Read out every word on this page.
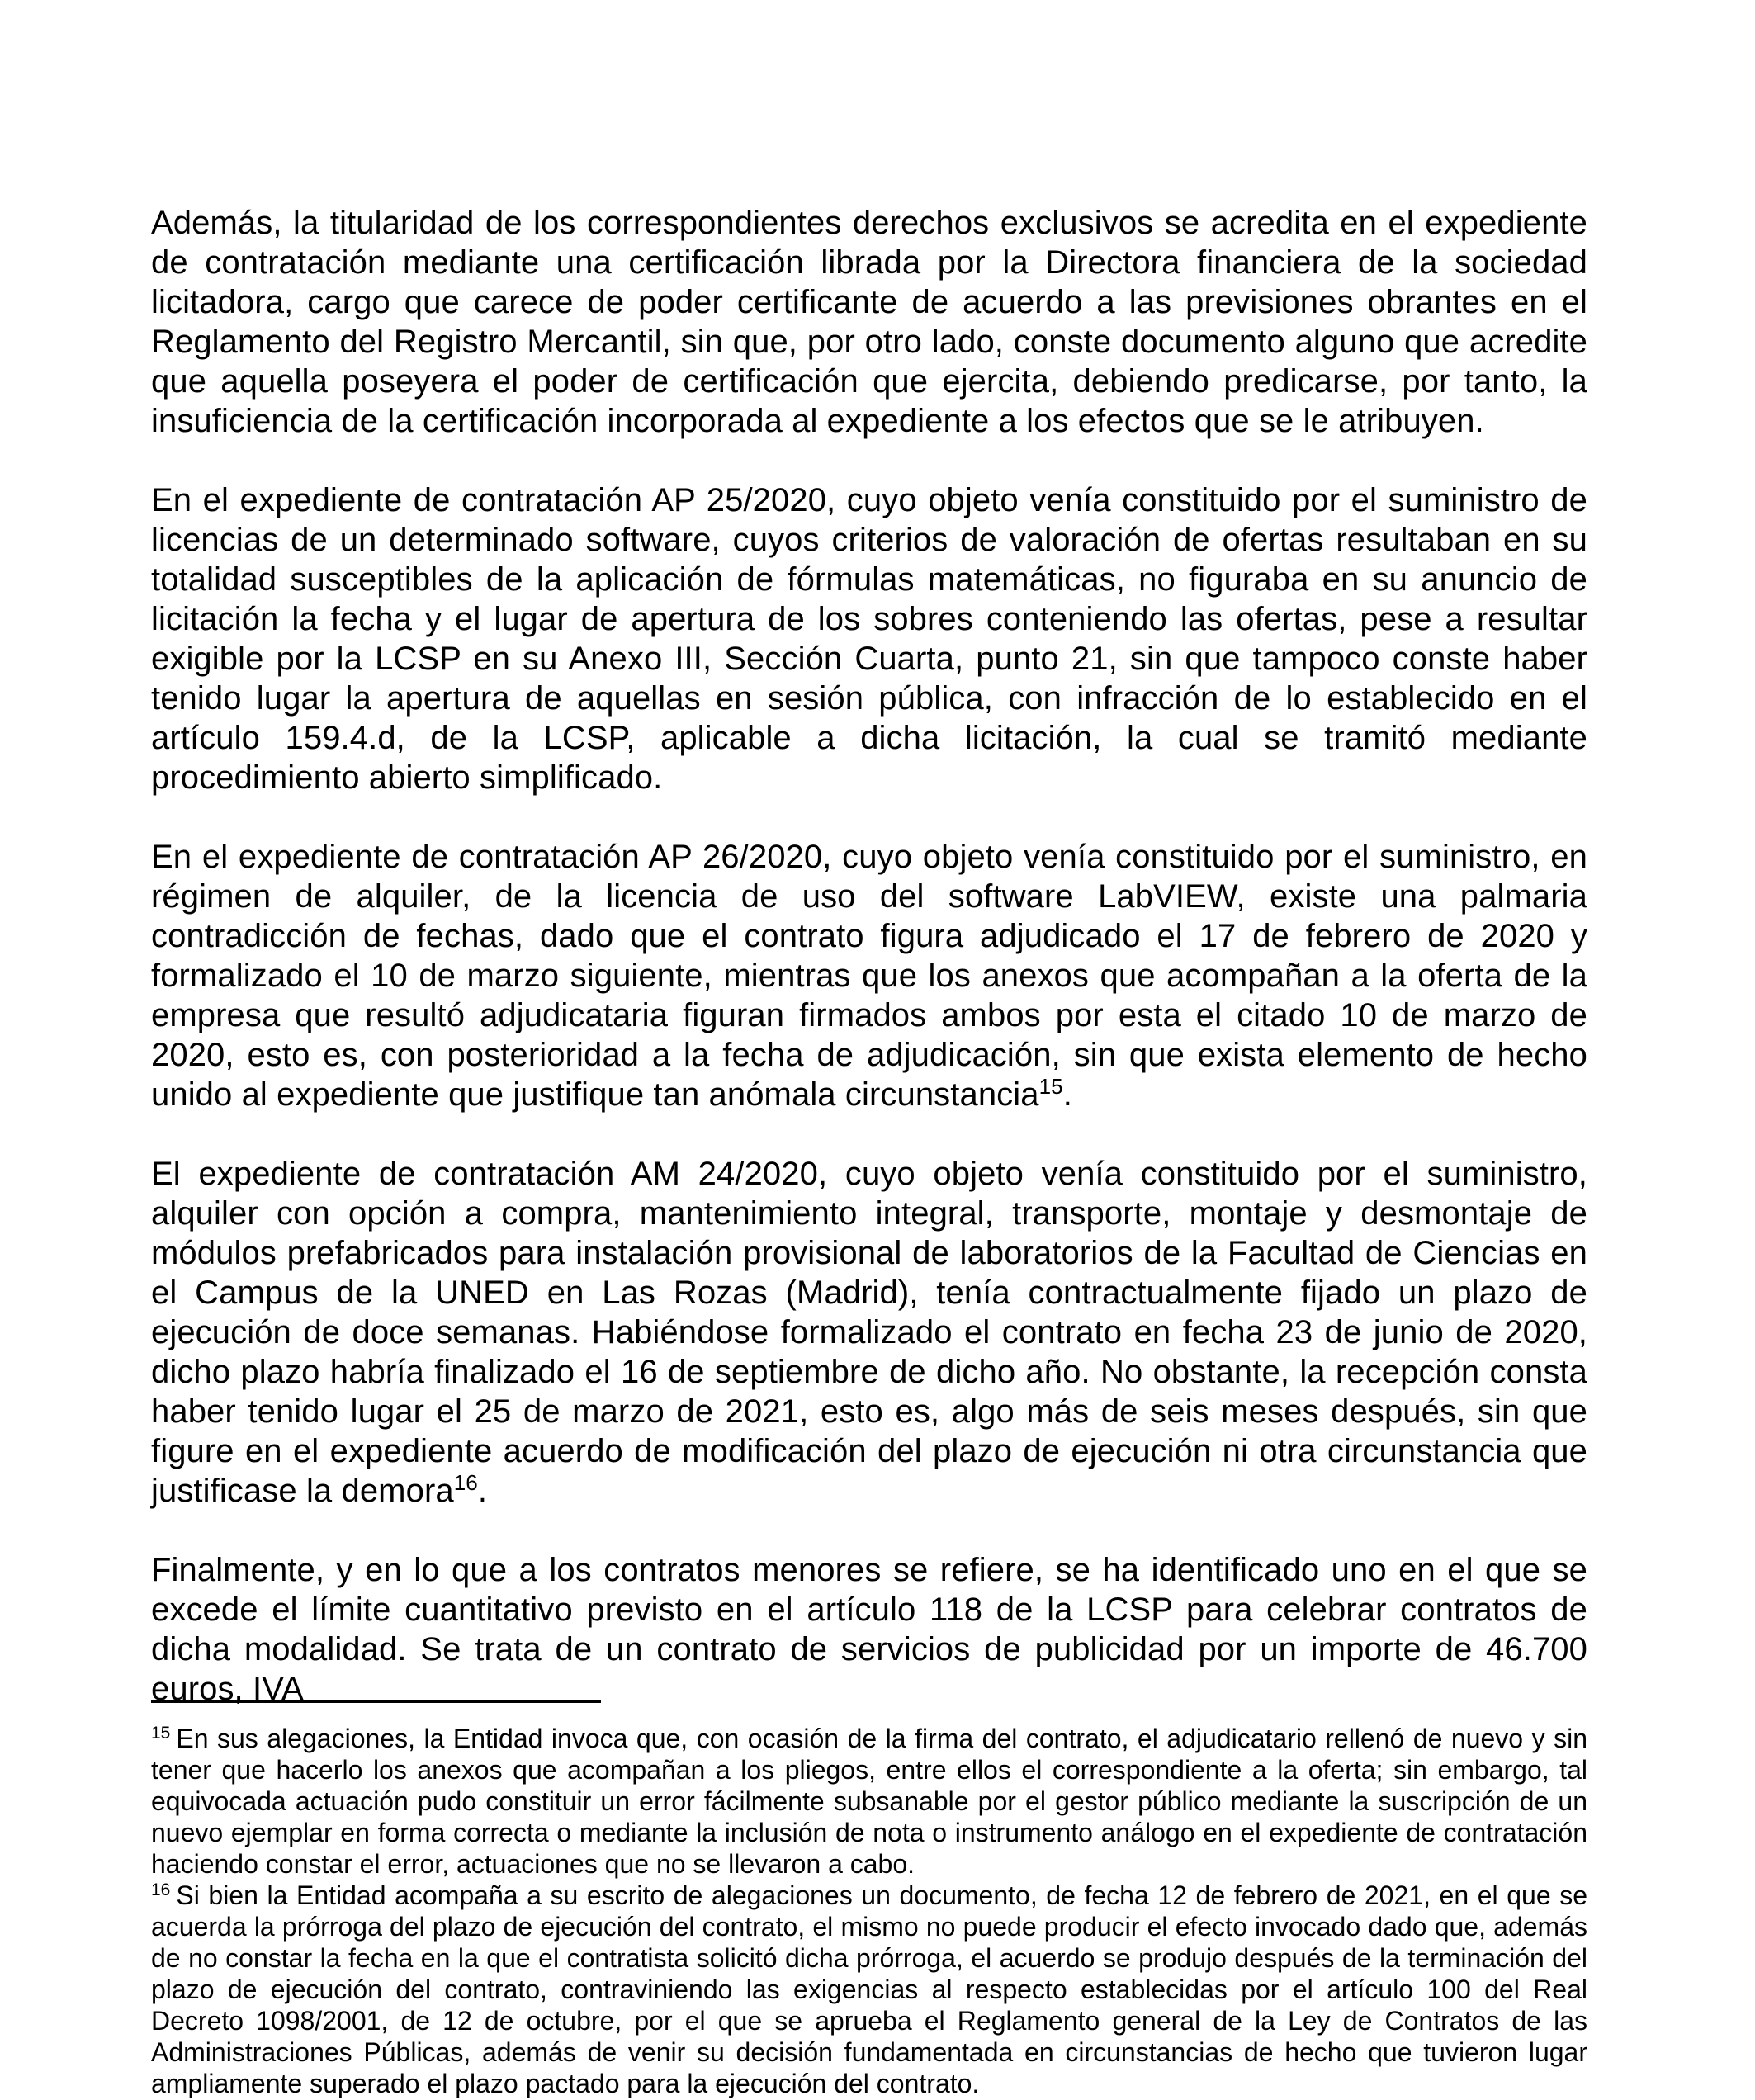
Además, la titularidad de los correspondientes derechos exclusivos se acredita en el expediente de contratación mediante una certificación librada por la Directora financiera de la sociedad licitadora, cargo que carece de poder certificante de acuerdo a las previsiones obrantes en el Reglamento del Registro Mercantil, sin que, por otro lado, conste documento alguno que acredite que aquella poseyera el poder de certificación que ejercita, debiendo predicarse, por tanto, la insuficiencia de la certificación incorporada al expediente a los efectos que se le atribuyen.

En el expediente de contratación AP 25/2020, cuyo objeto venía constituido por el suministro de licencias de un determinado software, cuyos criterios de valoración de ofertas resultaban en su totalidad susceptibles de la aplicación de fórmulas matemáticas, no figuraba en su anuncio de licitación la fecha y el lugar de apertura de los sobres conteniendo las ofertas, pese a resultar exigible por la LCSP en su Anexo III, Sección Cuarta, punto 21, sin que tampoco conste haber tenido lugar la apertura de aquellas en sesión pública, con infracción de lo establecido en el artículo 159.4.d, de la LCSP, aplicable a dicha licitación, la cual se tramitó mediante procedimiento abierto simplificado.

En el expediente de contratación AP 26/2020, cuyo objeto venía constituido por el suministro, en régimen de alquiler, de la licencia de uso del software LabVIEW, existe una palmaria contradicción de fechas, dado que el contrato figura adjudicado el 17 de febrero de 2020 y formalizado el 10 de marzo siguiente, mientras que los anexos que acompañan a la oferta de la empresa que resultó adjudicataria figuran firmados ambos por esta el citado 10 de marzo de 2020, esto es, con posterioridad a la fecha de adjudicación, sin que exista elemento de hecho unido al expediente que justifique tan anómala circunstancia$^{15}$.

El expediente de contratación AM 24/2020, cuyo objeto venía constituido por el suministro, alquiler con opción a compra, mantenimiento integral, transporte, montaje y desmontaje de módulos prefabricados para instalación provisional de laboratorios de la Facultad de Ciencias en el Campus de la UNED en Las Rozas (Madrid), tenía contractualmente fijado un plazo de ejecución de doce semanas. Habiéndose formalizado el contrato en fecha 23 de junio de 2020, dicho plazo habría finalizado el 16 de septiembre de dicho año. No obstante, la recepción consta haber tenido lugar el 25 de marzo de 2021, esto es, algo más de seis meses después, sin que figure en el expediente acuerdo de modificación del plazo de ejecución ni otra circunstancia que justificase la demora$^{16}$.

Finalmente, y en lo que a los contratos menores se refiere, se ha identificado uno en el que se excede el límite cuantitativo previsto en el artículo 118 de la LCSP para celebrar contratos de dicha modalidad. Se trata de un contrato de servicios de publicidad por un importe de 46.700 euros, IVA

$^{15}$ En sus alegaciones, la Entidad invoca que, con ocasión de la firma del contrato, el adjudicatario rellenó de nuevo y sin tener que hacerlo los anexos que acompañan a los pliegos, entre ellos el correspondiente a la oferta; sin embargo, tal equivocada actuación pudo constituir un error fácilmente subsanable por el gestor público mediante la suscripción de un nuevo ejemplar en forma correcta o mediante la inclusión de nota o instrumento análogo en el expediente de contratación haciendo constar el error, actuaciones que no se llevaron a cabo.

$^{16}$ Si bien la Entidad acompaña a su escrito de alegaciones un documento, de fecha 12 de febrero de 2021, en el que se acuerda la prórroga del plazo de ejecución del contrato, el mismo no puede producir el efecto invocado dado que, además de no constar la fecha en la que el contratista solicitó dicha prórroga, el acuerdo se produjo después de la terminación del plazo de ejecución del contrato, contraviniendo las exigencias al respecto establecidas por el artículo 100 del Real Decreto 1098/2001, de 12 de octubre, por el que se aprueba el Reglamento general de la Ley de Contratos de las Administraciones Públicas, además de venir su decisión fundamentada en circunstancias de hecho que tuvieron lugar ampliamente superado el plazo pactado para la ejecución del contrato.
